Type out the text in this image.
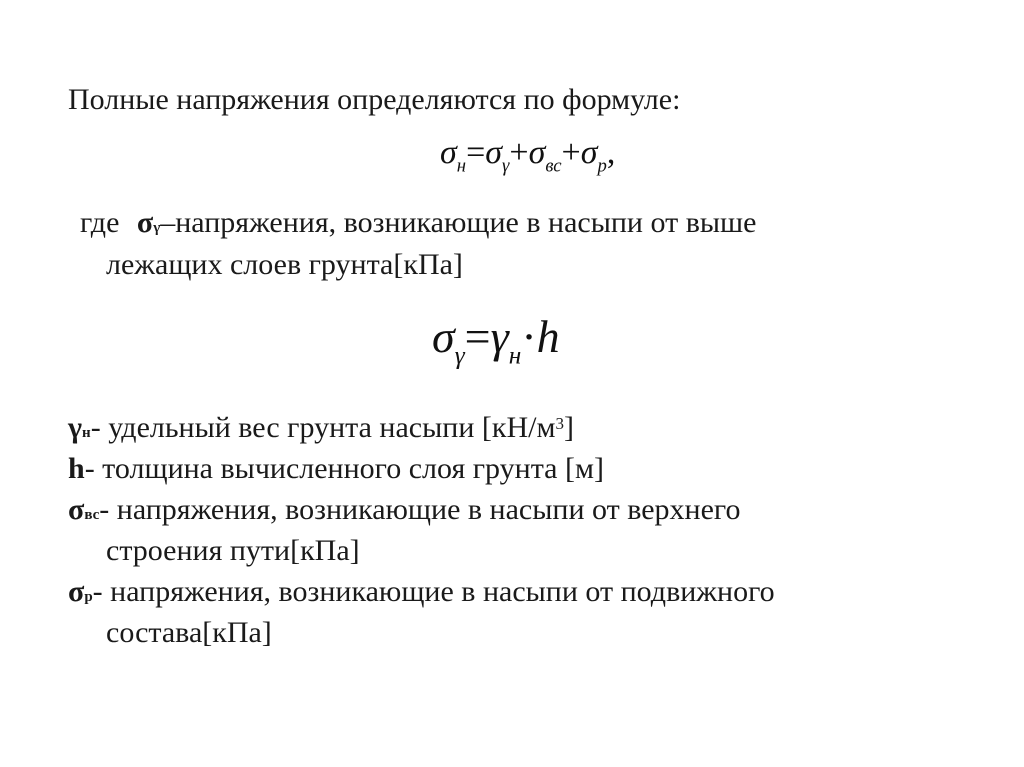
Полные напряжения определяются по формуле:
$\sigma_н=\sigma_\gamma+\sigma_{вс}+\sigma_р$,
где σγ–напряжения, возникающие в насыпи от выше
лежащих слоев грунта[кПа]
$\sigma_\gamma=\gamma_н\cdot h$
γн- удельный вес грунта насыпи $[кН/м^3]$
h- толщина вычисленного слоя грунта [м]
σвс- напряжения, возникающие в насыпи от верхнего
строения пути[кПа]
σр- напряжения, возникающие в насыпи от подвижного
состава[кПа]
